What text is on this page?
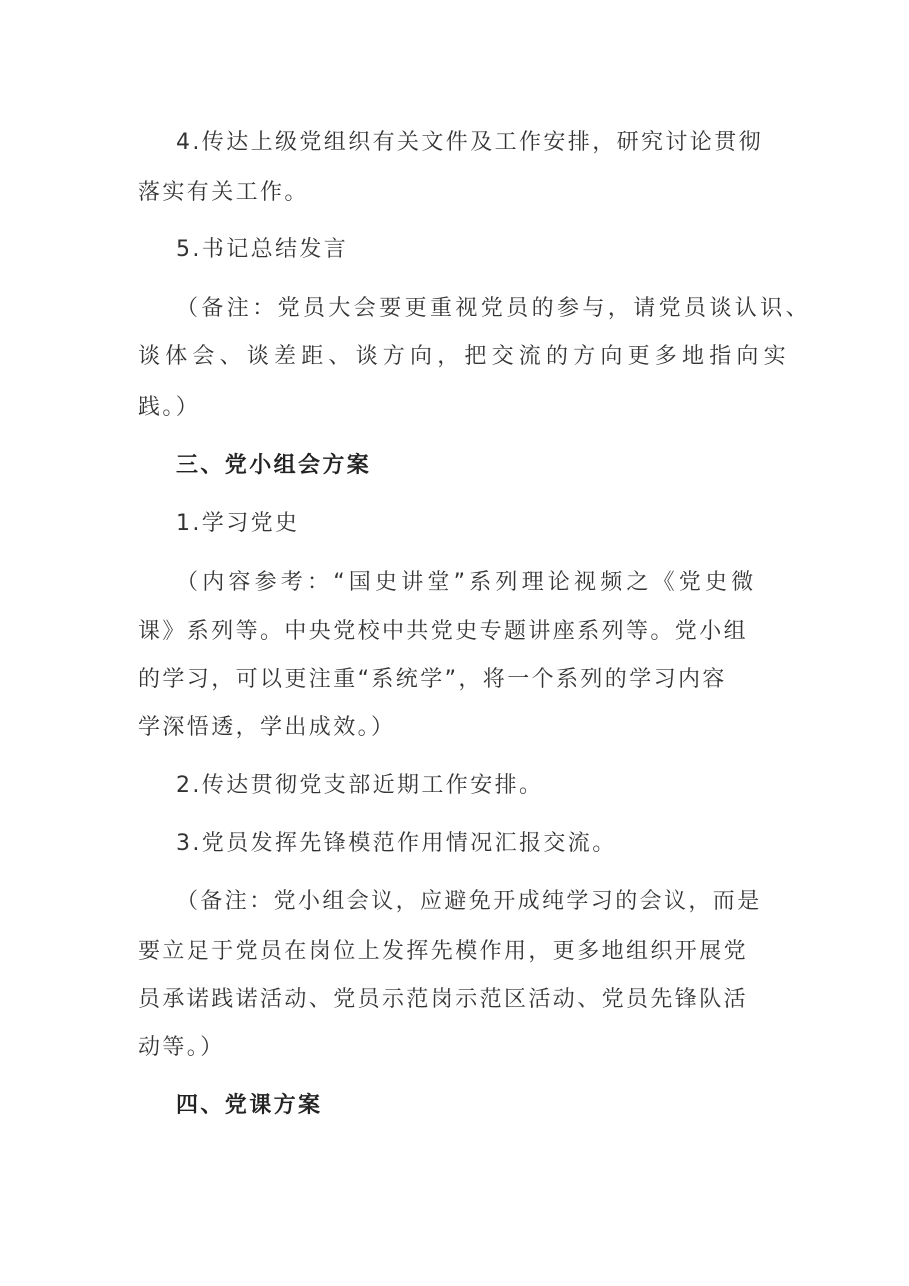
4.传达上级党组织有关文件及工作安排，研究讨论贯彻
落实有关工作。
5.书记总结发言
（备注：党员大会要更重视党员的参与，请党员谈认识、
谈体会、谈差距、谈方向，把交流的方向更多地指向实
践。）
三、党小组会方案
1.学习党史
（内容参考：“国史讲堂”系列理论视频之《党史微
课》系列等。中央党校中共党史专题讲座系列等。党小组
的学习，可以更注重“系统学”，将一个系列的学习内容
学深悟透，学出成效。）
2.传达贯彻党支部近期工作安排。
3.党员发挥先锋模范作用情况汇报交流。
（备注：党小组会议，应避免开成纯学习的会议，而是
要立足于党员在岗位上发挥先模作用，更多地组织开展党
员承诺践诺活动、党员示范岗示范区活动、党员先锋队活
动等。）
四、党课方案
